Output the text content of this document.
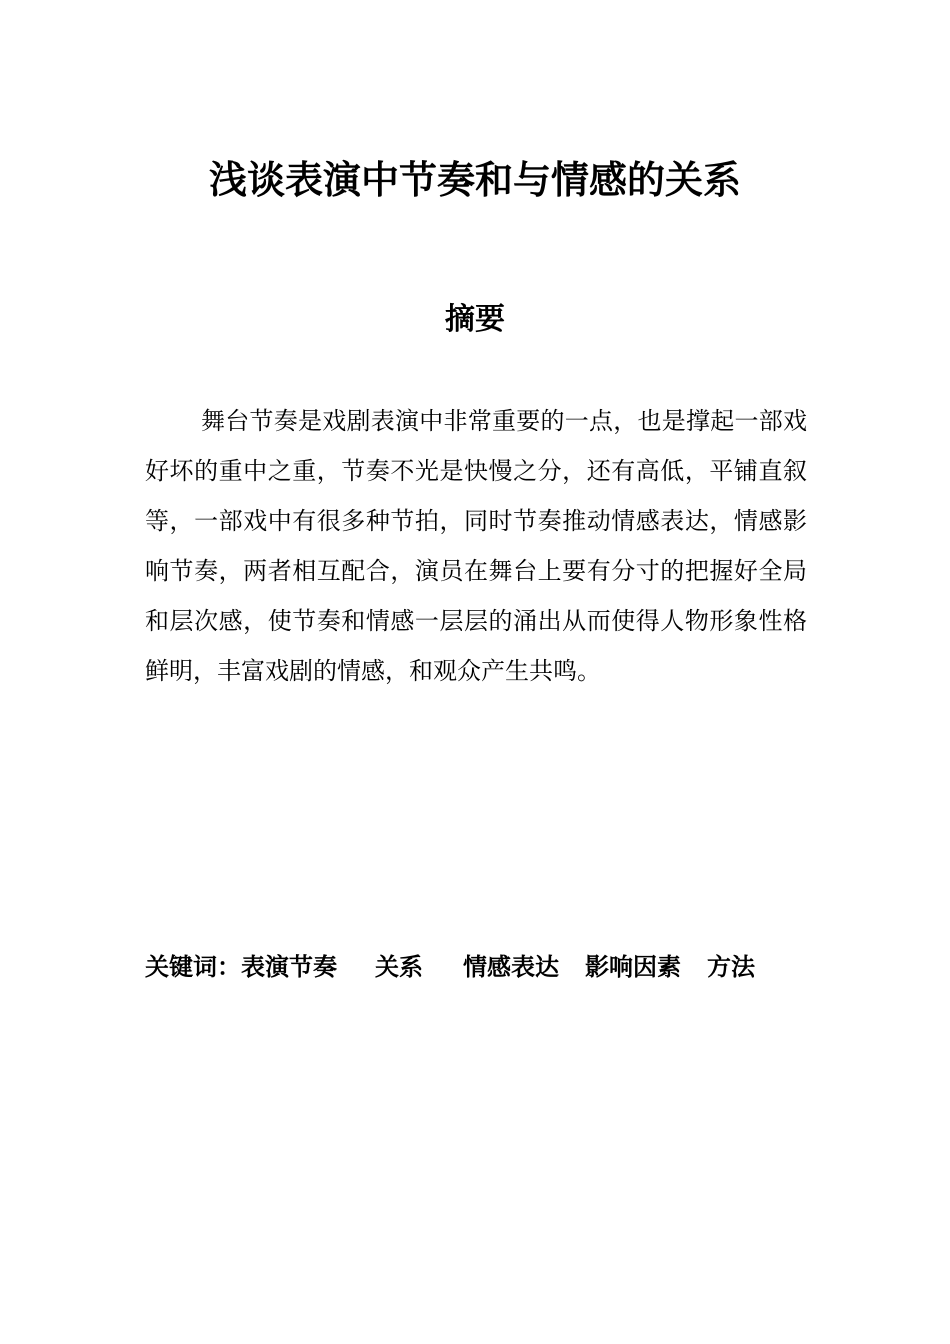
浅谈表演中节奏和与情感的关系
摘要

舞台节奏是戏剧表演中非常重要的一点，也是撑起一部戏好坏的重中之重，节奏不光是快慢之分，还有高低，平铺直叙等，一部戏中有很多种节拍，同时节奏推动情感表达，情感影响节奏，两者相互配合，演员在舞台上要有分寸的把握好全局和层次感，使节奏和情感一层层的涌出从而使得人物形象性格鲜明，丰富戏剧的情感，和观众产生共鸣。

关键词：表演节奏 关系 情感表达 影响因素 方法
